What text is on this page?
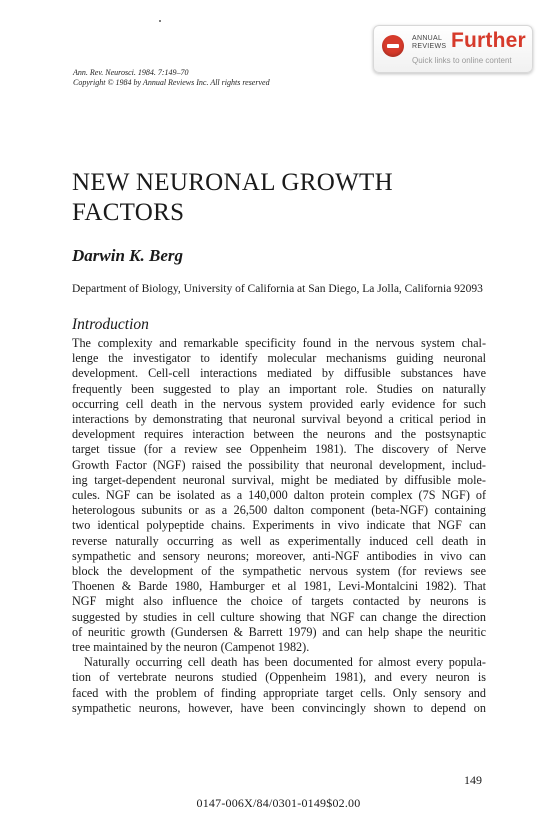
ANNUAL
REVIEWS Further
Quick links to online content
Ann. Rev. Neurosci. 1984. 7:149–70
Copyright © 1984 by Annual Reviews Inc. All rights reserved
NEW NEURONAL GROWTH FACTORS
Darwin K. Berg

Department of Biology, University of California at San Diego, La Jolla, California 92093

Introduction
The complexity and remarkable specificity found in the nervous system chal-
lenge the investigator to identify molecular mechanisms guiding neuronal
development. Cell-cell interactions mediated by diffusible substances have
frequently been suggested to play an important role. Studies on naturally
occurring cell death in the nervous system provided early evidence for such
interactions by demonstrating that neuronal survival beyond a critical period in
development requires interaction between the neurons and the postsynaptic
target tissue (for a review see Oppenheim 1981). The discovery of Nerve
Growth Factor (NGF) raised the possibility that neuronal development, includ-
ing target-dependent neuronal survival, might be mediated by diffusible mole-
cules. NGF can be isolated as a 140,000 dalton protein complex (7S NGF) of
heterologous subunits or as a 26,500 dalton component (beta-NGF) containing
two identical polypeptide chains. Experiments in vivo indicate that NGF can
reverse naturally occurring as well as experimentally induced cell death in
sympathetic and sensory neurons; moreover, anti-NGF antibodies in vivo can
block the development of the sympathetic nervous system (for reviews see
Thoenen & Barde 1980, Hamburger et al 1981, Levi-Montalcini 1982). That
NGF might also influence the choice of targets contacted by neurons is
suggested by studies in cell culture showing that NGF can change the direction
of neuritic growth (Gundersen & Barrett 1979) and can help shape the neuritic
tree maintained by the neuron (Campenot 1982).
Naturally occurring cell death has been documented for almost every popula-
tion of vertebrate neurons studied (Oppenheim 1981), and every neuron is
faced with the problem of finding appropriate target cells. Only sensory and
sympathetic neurons, however, have been convincingly shown to depend on
149
0147-006X/84/0301-0149$02.00
